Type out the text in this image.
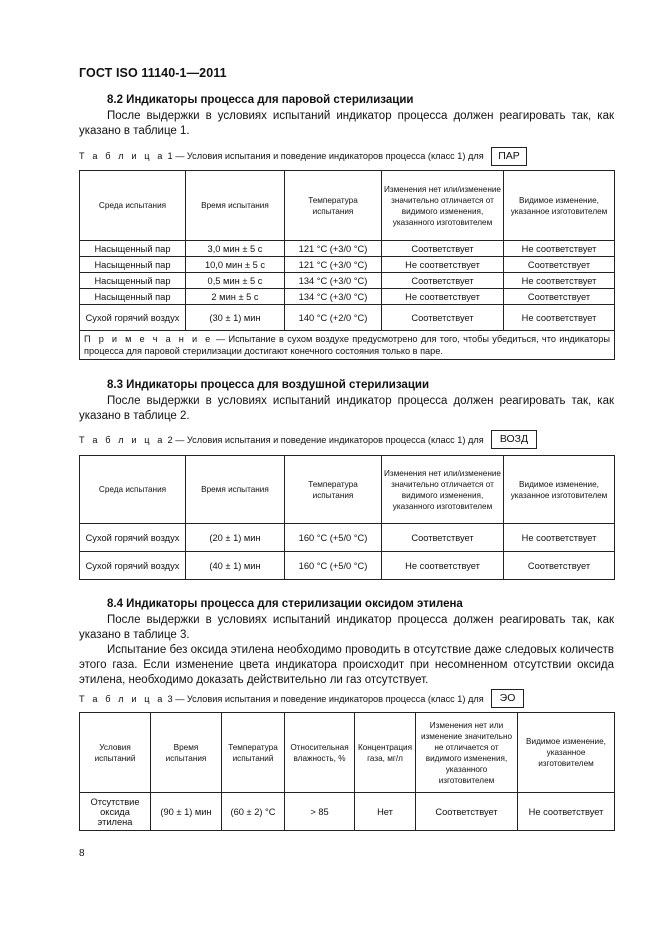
ГОСТ ISO 11140-1—2011
8.2 Индикаторы процесса для паровой стерилизации

После выдержки в условиях испытаний индикатор процесса должен реагировать так, как указано в таблице 1.

Т а б л и ц а 1 — Условия испытания и поведение индикаторов процесса (класс 1) для	ПАР
Среда испытания	Время испытания	Температура испытания	Изменения нет или/изменение значительно отличается от видимого изменения, указанного изготовителем	Видимое изменение, указанное изготовителем
Насыщенный пар	3,0 мин ± 5 с	121 °С (+3/0 °С)	Соответствует	Не соответствует
Насыщенный пар	10,0 мин ± 5 с	121 °С (+3/0 °С)	Не соответствует	Соответствует
Насыщенный пар	0,5 мин ± 5 с	134 °С (+3/0 °С)	Соответствует	Не соответствует
Насыщенный пар	2 мин ± 5 с	134 °С (+3/0 °С)	Не соответствует	Соответствует
Сухой горячий воздух	(30 ± 1) мин	140 °С (+2/0 °С)	Соответствует	Не соответствует
П р и м е ч а н и е — Испытание в сухом воздухе предусмотрено для того, чтобы убедиться, что индикаторы процесса для паровой стерилизации достигают конечного состояния только в паре.				
8.3 Индикаторы процесса для воздушной стерилизации

После выдержки в условиях испытаний индикатор процесса должен реагировать так, как указано в таблице 2.

Т а б л и ц а 2 — Условия испытания и поведение индикаторов процесса (класс 1) для	ВОЗД
Среда испытания	Время испытания	Температура испытания	Изменения нет или/изменение значительно отличается от видимого изменения, указанного изготовителем	Видимое изменение, указанное изготовителем
Сухой горячий воздух	(20 ± 1) мин	160 °С (+5/0 °С)	Соответствует	Не соответствует
Сухой горячий воздух	(40 ± 1) мин	160 °С (+5/0 °С)	Не соответствует	Соответствует
8.4 Индикаторы процесса для стерилизации оксидом этилена

После выдержки в условиях испытаний индикатор процесса должен реагировать так, как указано в таблице 3.

Испытание без оксида этилена необходимо проводить в отсутствие даже следовых количеств этого газа. Если изменение цвета индикатора происходит при несомненном отсутствии оксида этилена, необходимо доказать действительно ли газ отсутствует.

Т а б л и ц а 3 — Условия испытания и поведение индикаторов процесса (класс 1) для	ЭО
Условия испытаний	Время испытания	Температура испытаний	Относительная влажность, %	Концентрация газа, мг/л	Изменения нет или изменение значительно не отличается от видимого изменения, указанного изготовителем	Видимое изменение, указанное изготовителем
Отсутствие оксида этилена	(90 ± 1) мин	(60 ± 2) °С	> 85	Нет	Соответствует	Не соответствует
8
